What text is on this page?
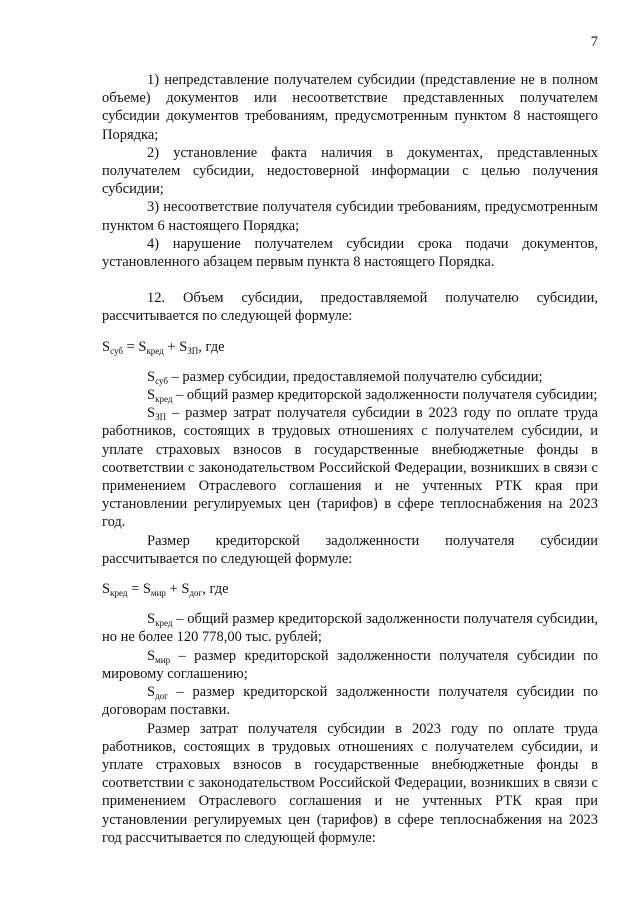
7

1) непредставление получателем субсидии (представление не в полном объеме) документов или несоответствие представленных получателем субсидии документов требованиям, предусмотренным пунктом 8 настоящего Порядка;

2) установление факта наличия в документах, представленных получателем субсидии, недостоверной информации с целью получения субсидии;

3) несоответствие получателя субсидии требованиям, предусмотренным пунктом 6 настоящего Порядка;

4) нарушение получателем субсидии срока подачи документов, установленного абзацем первым пункта 8 настоящего Порядка.

12. Объем субсидии, предоставляемой получателю субсидии, рассчитывается по следующей формуле:

$S_{суб} = S_{кред} + S_{ЗП}$, где

$S_{суб}$ – размер субсидии, предоставляемой получателю субсидии;

$S_{кред}$ – общий размер кредиторской задолженности получателя субсидии;

$S_{ЗП}$ – размер затрат получателя субсидии в 2023 году по оплате труда работников, состоящих в трудовых отношениях с получателем субсидии, и уплате страховых взносов в государственные внебюджетные фонды в соответствии с законодательством Российской Федерации, возникших в связи с применением Отраслевого соглашения и не учтенных РТК края при установлении регулируемых цен (тарифов) в сфере теплоснабжения на 2023 год.

Размер кредиторской задолженности получателя субсидии рассчитывается по следующей формуле:

$S_{кред} = S_{мир} + S_{дог}$, где

$S_{кред}$ – общий размер кредиторской задолженности получателя субсидии, но не более 120 778,00 тыс. рублей;

$S_{мир}$ – размер кредиторской задолженности получателя субсидии по мировому соглашению;

$S_{дог}$ – размер кредиторской задолженности получателя субсидии по договорам поставки.

Размер затрат получателя субсидии в 2023 году по оплате труда работников, состоящих в трудовых отношениях с получателем субсидии, и уплате страховых взносов в государственные внебюджетные фонды в соответствии с законодательством Российской Федерации, возникших в связи с применением Отраслевого соглашения и не учтенных РТК края при установлении регулируемых цен (тарифов) в сфере теплоснабжения на 2023 год рассчитывается по следующей формуле:
